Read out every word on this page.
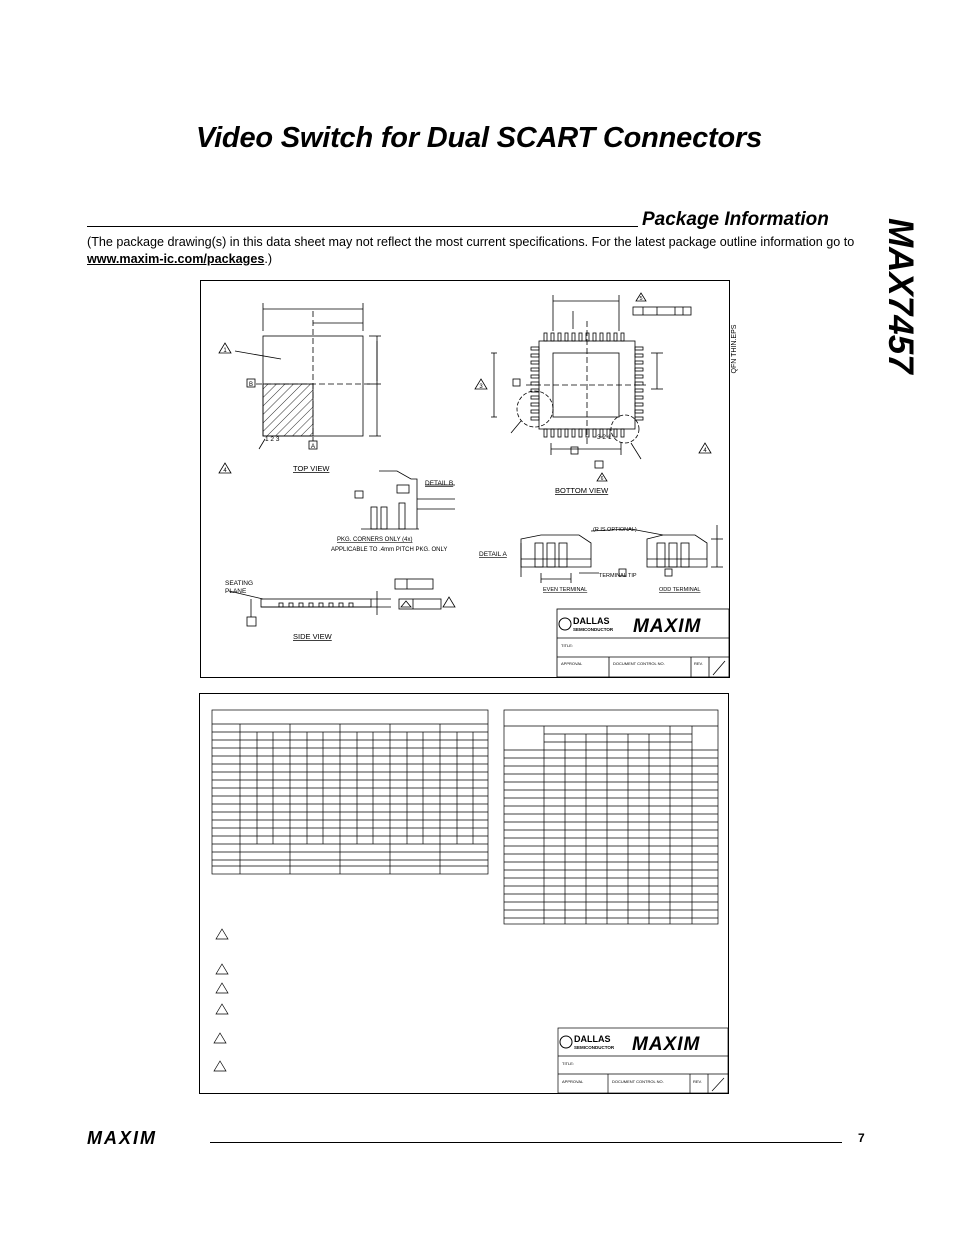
Video Switch for Dual SCART Connectors
MAX7457
Package Information
(The package drawing(s) in this data sheet may not reflect the most current specifications. For the latest package outline information go to www.maxim-ic.com/packages.)
QFN THIN.EPS
1
B
A
1 2 3
4	TOP VIEW
5
3
3 2 1
4
6
BOTTOM VIEW
DETAIL B
PKG. CORNERS ONLY (4x)
APPLICABLE TO .4mm PITCH PKG. ONLY
DETAIL A
(R IS OPTIONAL)
TERMINAL TIP
EVEN TERMINAL	ODD TERMINAL
SEATING
PLANE
SIDE VIEW
DALLAS
SEMICONDUCTOR MAXIM
TITLE:
APPROVAL	DOCUMENT CONTROL NO.	REV.
DALLAS
SEMICONDUCTOR MAXIM
TITLE:
APPROVAL	DOCUMENT CONTROL NO.	REV.
MAXIM	7
